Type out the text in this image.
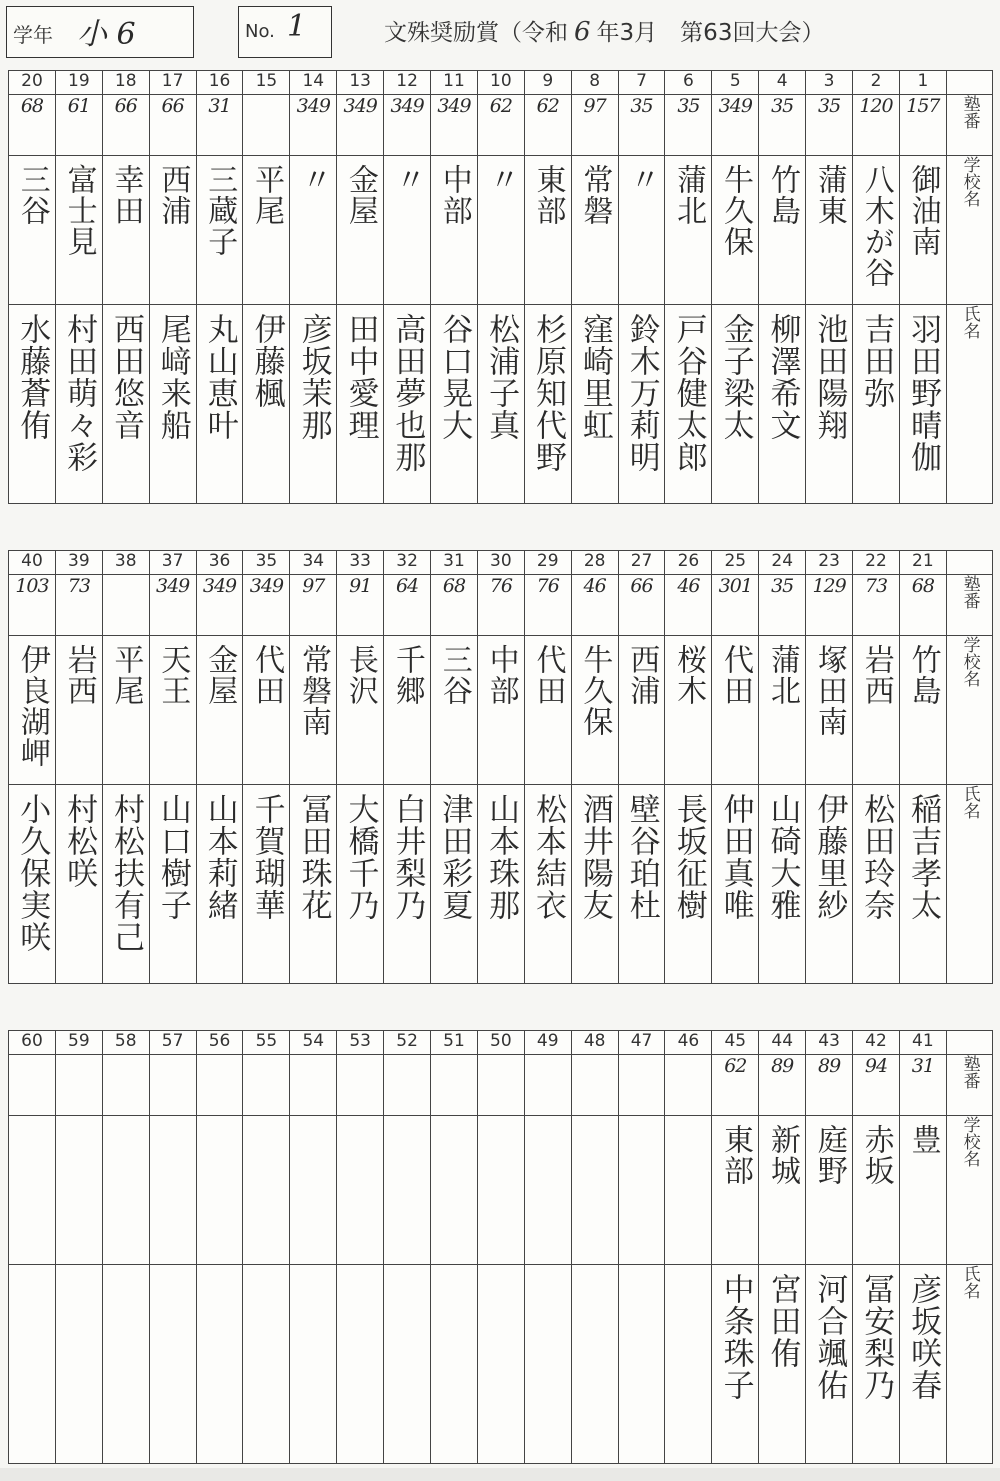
学年 小 6	No. 1	文殊奨励賞（令和 6 年3月　第63回大会）
20	19	18	17	16	15	14	13	12	11	10	9	8	7	6	5	4	3	2	1	
68	61	66	66	31		349	349	349	349	62	62	97	35	35	349	35	35	120	157	塾番
三谷	富士見	幸田	西浦	三蔵子	平尾	〃	金屋	〃	中部	〃	東部	常磐	〃	蒲北	牛久保	竹島	蒲東	八木が谷	御油南	学校名
水藤蒼侑	村田萌々彩	西田悠音	尾﨑来船	丸山恵叶	伊藤楓	彦坂茉那	田中愛理	高田夢也那	谷口晃大	松浦子真	杉原知代野	窪崎里虹	鈴木万莉明	戸谷健太郎	金子梁太	柳澤希文	池田陽翔	吉田弥	羽田野晴伽	氏名
40	39	38	37	36	35	34	33	32	31	30	29	28	27	26	25	24	23	22	21	
103	73		349	349	349	97	91	64	68	76	76	46	66	46	301	35	129	73	68	塾番
伊良湖岬	岩西	平尾	天王	金屋	代田	常磐南	長沢	千郷	三谷	中部	代田	牛久保	西浦	桜木	代田	蒲北	塚田南	岩西	竹島	学校名
小久保実咲	村松咲	村松扶有己	山口樹子	山本莉緒	千賀瑚華	冨田珠花	大橋千乃	白井梨乃	津田彩夏	山本珠那	松本結衣	酒井陽友	壁谷珀杜	長坂征樹	仲田真唯	山碕大雅	伊藤里紗	松田玲奈	稲吉孝太	氏名
60	59	58	57	56	55	54	53	52	51	50	49	48	47	46	45	44	43	42	41	
															62	89	89	94	31	塾番
															東部	新城	庭野	赤坂	豊	学校名
															中条珠子	宮田侑	河合颯佑	冨安梨乃	彦坂咲春	氏名
